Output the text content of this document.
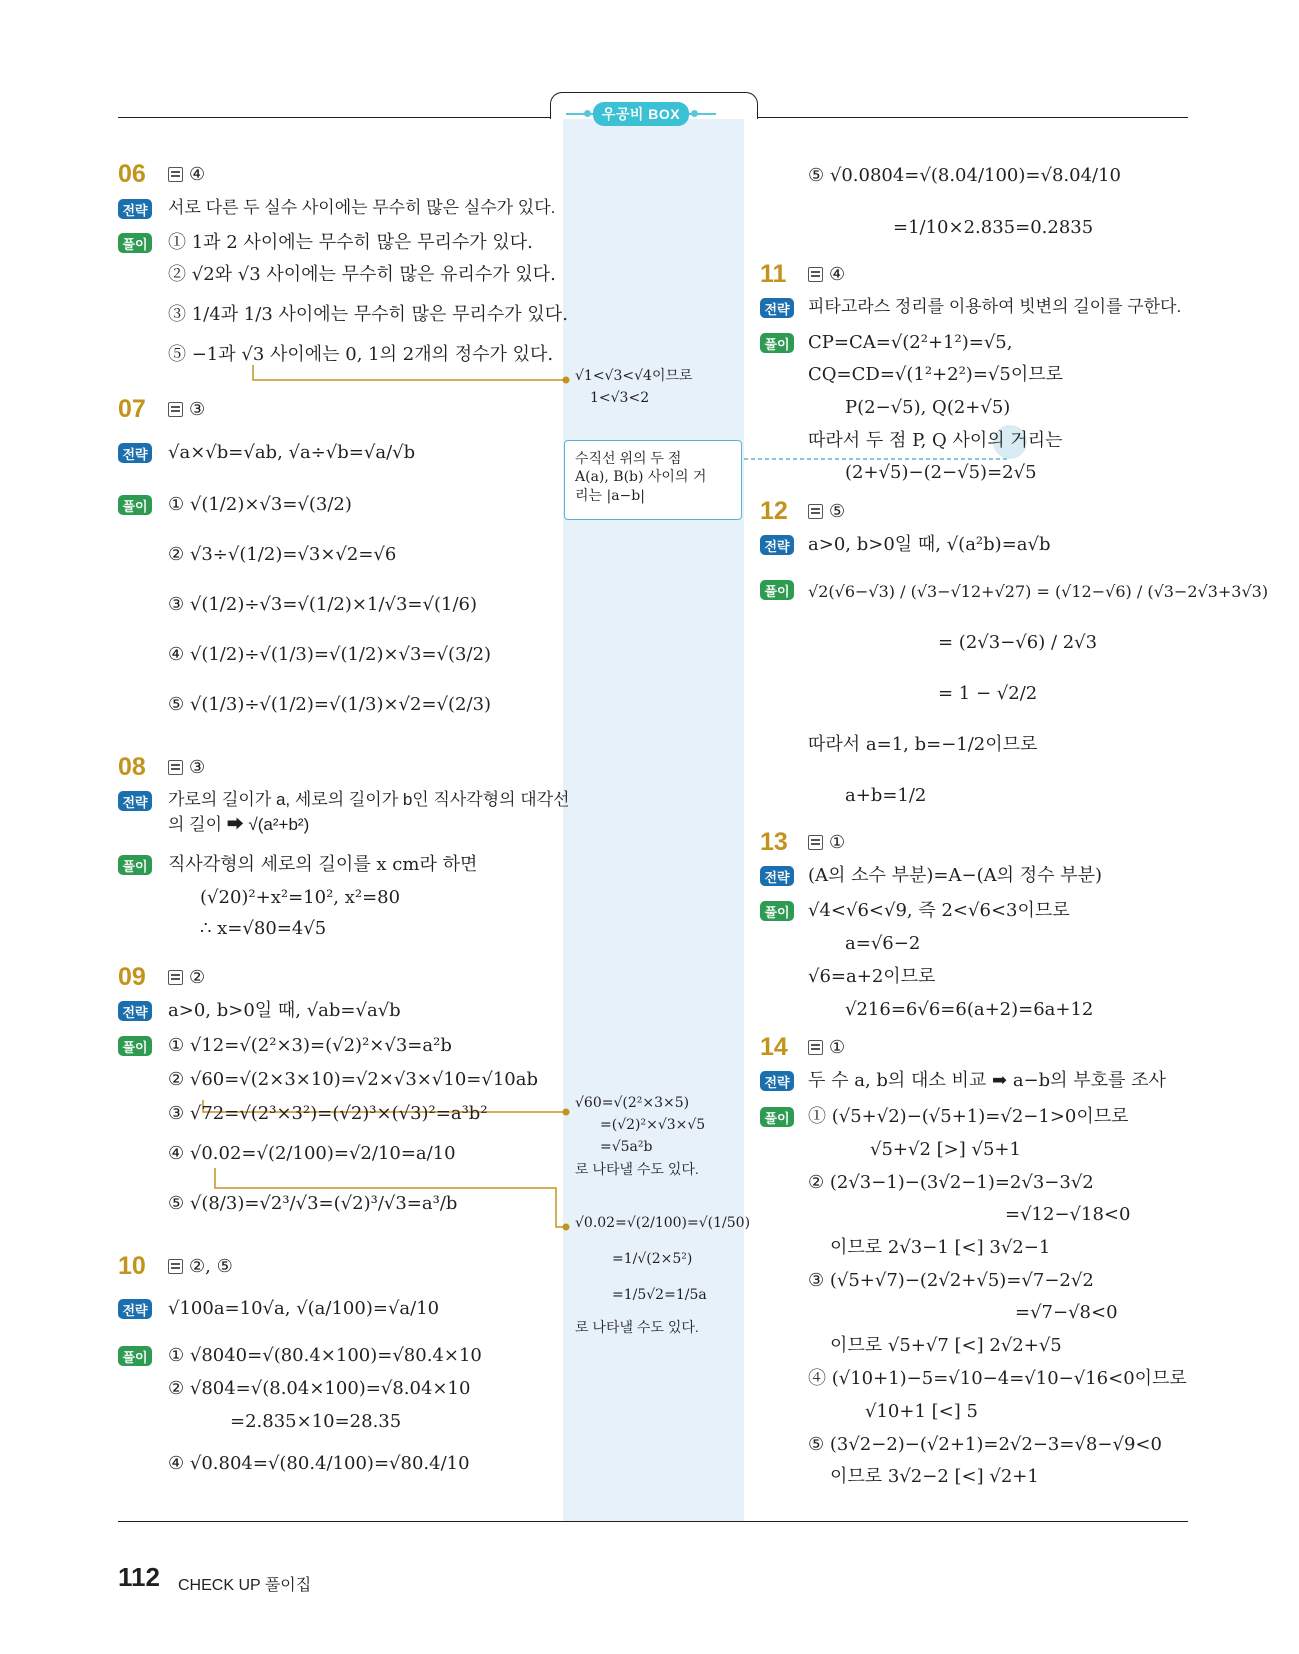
우공비 BOX
06 ④
전략 서로 다른 두 실수 사이에는 무수히 많은 실수가 있다.
풀이 ① 1과 2 사이에는 무수히 많은 무리수가 있다.
② √2와 √3 사이에는 무수히 많은 유리수가 있다.
③ 1/4과 1/3 사이에는 무수히 많은 무리수가 있다.
⑤ −1과 √3 사이에는 0, 1의 2개의 정수가 있다.
07 ③
전략 √a×√b=√ab, √a÷√b=√a/√b
풀이 ① √(1/2)×√3=√(3/2)
② √3÷√(1/2)=√3×√2=√6
③ √(1/2)÷√3=√(1/2)×1/√3=√(1/6)
④ √(1/2)÷√(1/3)=√(1/2)×√3=√(3/2)
⑤ √(1/3)÷√(1/2)=√(1/3)×√2=√(2/3)
08 ③
전략 가로의 길이가 a, 세로의 길이가 b인 직사각형의 대각선
의 길이 ➡ √(a²+b²)
풀이 직사각형의 세로의 길이를 x cm라 하면
(√20)²+x²=10², x²=80
∴ x=√80=4√5
09 ②
전략 a>0, b>0일 때, √ab=√a√b
풀이 ① √12=√(2²×3)=(√2)²×√3=a²b
② √60=√(2×3×10)=√2×√3×√10=√10ab
③ √72=√(2³×3²)=(√2)³×(√3)²=a³b²
④ √0.02=√(2/100)=√2/10=a/10
⑤ √(8/3)=√2³/√3=(√2)³/√3=a³/b
10 ②, ⑤
전략 √100a=10√a, √(a/100)=√a/10
풀이 ① √8040=√(80.4×100)=√80.4×10
② √804=√(8.04×100)=√8.04×10
=2.835×10=28.35
④ √0.804=√(80.4/100)=√80.4/10
√1<√3<√4이므로
1<√3<2
수직선 위의 두 점
A(a), B(b) 사이의 거
리는 |a−b|
√60=√(2²×3×5)
=(√2)²×√3×√5
=√5a²b
로 나타낼 수도 있다.
√0.02=√(2/100)=√(1/50)
=1/√(2×5²)
=1/5√2=1/5a
로 나타낼 수도 있다.
⑤ √0.0804=√(8.04/100)=√8.04/10
=1/10×2.835=0.2835
11 ④
전략 피타고라스 정리를 이용하여 빗변의 길이를 구한다.
풀이 CP=CA=√(2²+1²)=√5,
CQ=CD=√(1²+2²)=√5이므로
P(2−√5), Q(2+√5)
따라서 두 점 P, Q 사이의 거리는
(2+√5)−(2−√5)=2√5
12 ⑤
전략 a>0, b>0일 때, √(a²b)=a√b
풀이 √2(√6−√3) / (√3−√12+√27) = (√12−√6) / (√3−2√3+3√3)
= (2√3−√6) / 2√3
= 1 − √2/2
따라서 a=1, b=−1/2이므로
a+b=1/2
13 ①
전략 (A의 소수 부분)=A−(A의 정수 부분)
풀이 √4<√6<√9, 즉 2<√6<3이므로
a=√6−2
√6=a+2이므로
√216=6√6=6(a+2)=6a+12
14 ①
전략 두 수 a, b의 대소 비교 ➡ a−b의 부호를 조사
풀이 ① (√5+√2)−(√5+1)=√2−1>0이므로
√5+√2 [>] √5+1
② (2√3−1)−(3√2−1)=2√3−3√2
=√12−√18<0
이므로 2√3−1 [<] 3√2−1
③ (√5+√7)−(2√2+√5)=√7−2√2
=√7−√8<0
이므로 √5+√7 [<] 2√2+√5
④ (√10+1)−5=√10−4=√10−√16<0이므로
√10+1 [<] 5
⑤ (3√2−2)−(√2+1)=2√2−3=√8−√9<0
이므로 3√2−2 [<] √2+1
112 CHECK UP 풀이집
